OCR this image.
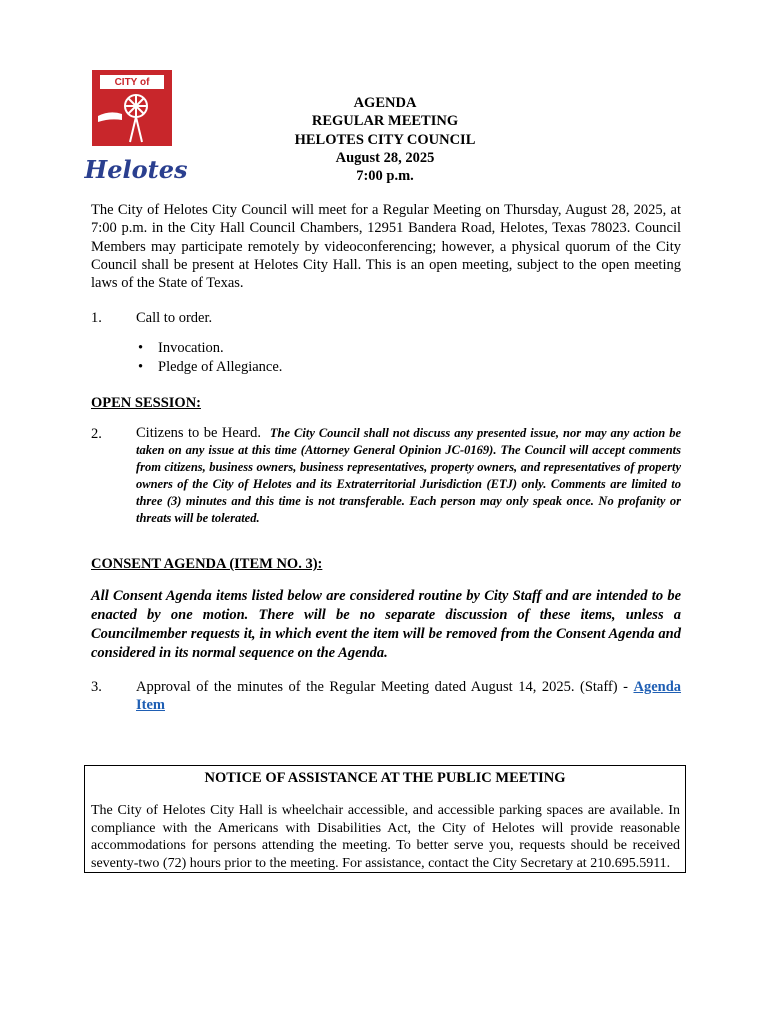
CITY of
Helotes
AGENDA
REGULAR MEETING
HELOTES CITY COUNCIL
August 28, 2025
7:00 p.m.
The City of Helotes City Council will meet for a Regular Meeting on Thursday, August 28, 2025, at 7:00 p.m. in the City Hall Council Chambers, 12951 Bandera Road, Helotes, Texas 78023. Council Members may participate remotely by videoconferencing; however, a physical quorum of the City Council shall be present at Helotes City Hall. This is an open meeting, subject to the open meeting laws of the State of Texas.
1. Call to order.
• Invocation.
• Pledge of Allegiance.
OPEN SESSION:
2. Citizens to be Heard. The City Council shall not discuss any presented issue, nor may any action be taken on any issue at this time (Attorney General Opinion JC-0169). The Council will accept comments from citizens, business owners, business representatives, property owners, and representatives of property owners of the City of Helotes and its Extraterritorial Jurisdiction (ETJ) only. Comments are limited to three (3) minutes and this time is not transferable. Each person may only speak once. No profanity or threats will be tolerated.
CONSENT AGENDA (ITEM NO. 3):
All Consent Agenda items listed below are considered routine by City Staff and are intended to be enacted by one motion. There will be no separate discussion of these items, unless a Councilmember requests it, in which event the item will be removed from the Consent Agenda and considered in its normal sequence on the Agenda.
3. Approval of the minutes of the Regular Meeting dated August 14, 2025. (Staff) - Agenda Item
NOTICE OF ASSISTANCE AT THE PUBLIC MEETING
The City of Helotes City Hall is wheelchair accessible, and accessible parking spaces are available. In compliance with the Americans with Disabilities Act, the City of Helotes will provide reasonable accommodations for persons attending the meeting. To better serve you, requests should be received seventy-two (72) hours prior to the meeting. For assistance, contact the City Secretary at 210.695.5911.
